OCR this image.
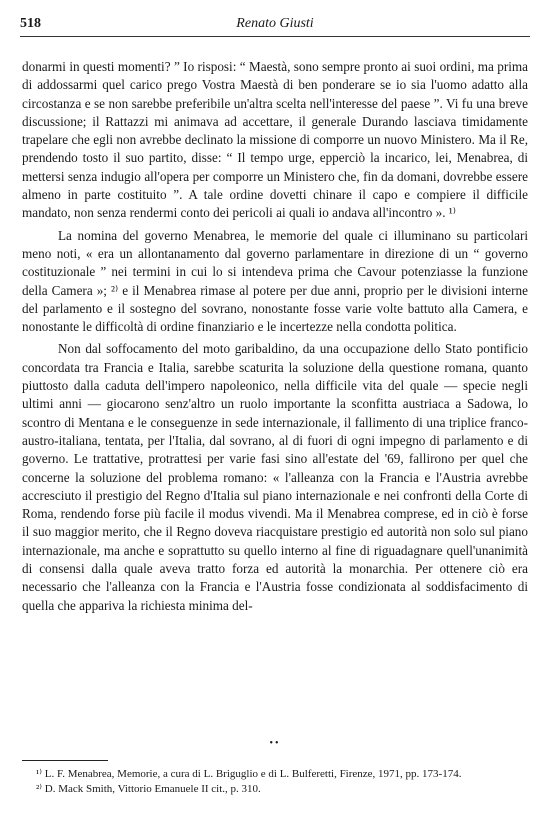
518	Renato Giusti

donarmi in questi momenti? ” Io risposi: “ Maestà, sono sempre pronto ai suoi ordini, ma prima di addossarmi quel carico prego Vostra Maestà di ben ponderare se io sia l'uomo adatto alla circostanza e se non sarebbe preferibile un'altra scelta nell'interesse del paese ”. Vi fu una breve discussione; il Rattazzi mi animava ad accettare, il generale Durando lasciava timidamente trapelare che egli non avrebbe declinato la missione di comporre un nuovo Ministero. Ma il Re, prendendo tosto il suo partito, disse: “ Il tempo urge, epperciò la incarico, lei, Menabrea, di mettersi senza indugio all'opera per comporre un Ministero che, fin da domani, dovrebbe essere almeno in parte costituito ”. A tale ordine dovetti chinare il capo e compiere il difficile mandato, non senza rendermi conto dei pericoli ai quali io andava all'incontro ». ¹⁾

La nomina del governo Menabrea, le memorie del quale ci illuminano su particolari meno noti, « era un allontanamento dal governo parlamentare in direzione di un “ governo costituzionale ” nei termini in cui lo si intendeva prima che Cavour potenziasse la funzione della Camera »; ²⁾ e il Menabrea rimase al potere per due anni, proprio per le divisioni interne del parlamento e il sostegno del sovrano, nonostante fosse varie volte battuto alla Camera, e nonostante le difficoltà di ordine finanziario e le incertezze nella condotta politica.

Non dal soffocamento del moto garibaldino, da una occupazione dello Stato pontificio concordata tra Francia e Italia, sarebbe scaturita la soluzione della questione romana, quanto piuttosto dalla caduta dell'impero napoleonico, nella difficile vita del quale — specie negli ultimi anni — giocarono senz'altro un ruolo importante la sconfitta austriaca a Sadowa, lo scontro di Mentana e le conseguenze in sede internazionale, il fallimento di una triplice franco-austro-italiana, tentata, per l'Italia, dal sovrano, al di fuori di ogni impegno di parlamento e di governo. Le trattative, protrattesi per varie fasi sino all'estate del '69, fallirono per quel che concerne la soluzione del problema romano: « l'alleanza con la Francia e l'Austria avrebbe accresciuto il prestigio del Regno d'Italia sul piano internazionale e nei confronti della Corte di Roma, rendendo forse più facile il modus vivendi. Ma il Menabrea comprese, ed in ciò è forse il suo maggior merito, che il Regno doveva riacquistare prestigio ed autorità non solo sul piano internazionale, ma anche e soprattutto su quello interno al fine di riguadagnare quell'unanimità di consensi dalla quale aveva tratto forza ed autorità la monarchia. Per ottenere ciò era necessario che l'alleanza con la Francia e l'Austria fosse condizionata al soddisfacimento di quella che appariva la richiesta minima del-

••

¹⁾ L. F. Menabrea, Memorie, a cura di L. Briguglio e di L. Bulferetti, Firenze, 1971, pp. 173-174.

²⁾ D. Mack Smith, Vittorio Emanuele II cit., p. 310.
